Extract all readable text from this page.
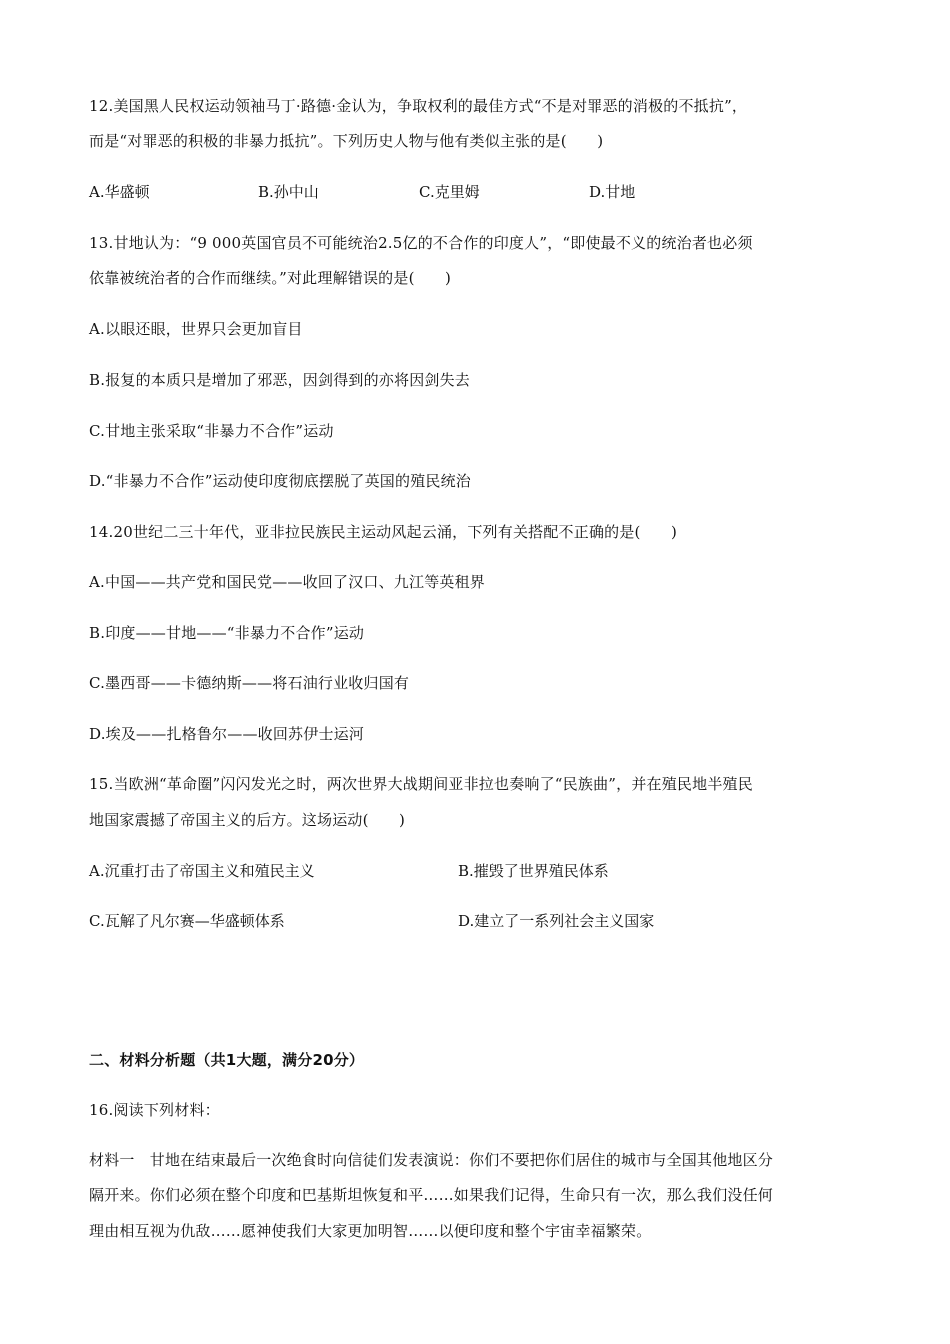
12.美国黑人民权运动领袖马丁·路德·金认为，争取权利的最佳方式“不是对罪恶的消极的不抵抗”，
而是“对罪恶的积极的非暴力抵抗”。下列历史人物与他有类似主张的是(　　)
A.华盛顿	B.孙中山	C.克里姆	D.甘地
13.甘地认为：“9 000英国官员不可能统治2.5亿的不合作的印度人”，“即使最不义的统治者也必须
依靠被统治者的合作而继续。”对此理解错误的是(　　)
A.以眼还眼，世界只会更加盲目
B.报复的本质只是增加了邪恶，因剑得到的亦将因剑失去
C.甘地主张采取“非暴力不合作”运动
D.“非暴力不合作”运动使印度彻底摆脱了英国的殖民统治
14.20世纪二三十年代，亚非拉民族民主运动风起云涌，下列有关搭配不正确的是(　　)
A.中国——共产党和国民党——收回了汉口、九江等英租界
B.印度——甘地——“非暴力不合作”运动
C.墨西哥——卡德纳斯——将石油行业收归国有
D.埃及——扎格鲁尔——收回苏伊士运河
15.当欧洲“革命圈”闪闪发光之时，两次世界大战期间亚非拉也奏响了“民族曲”，并在殖民地半殖民
地国家震撼了帝国主义的后方。这场运动(　　)
A.沉重打击了帝国主义和殖民主义	B.摧毁了世界殖民体系
C.瓦解了凡尔赛—华盛顿体系	D.建立了一系列社会主义国家
二、材料分析题（共1大题，满分20分）
16.阅读下列材料：
材料一　甘地在结束最后一次绝食时向信徒们发表演说：你们不要把你们居住的城市与全国其他地区分
隔开来。你们必须在整个印度和巴基斯坦恢复和平……如果我们记得，生命只有一次，那么我们没任何
理由相互视为仇敌……愿神使我们大家更加明智……以便印度和整个宇宙幸福繁荣。
